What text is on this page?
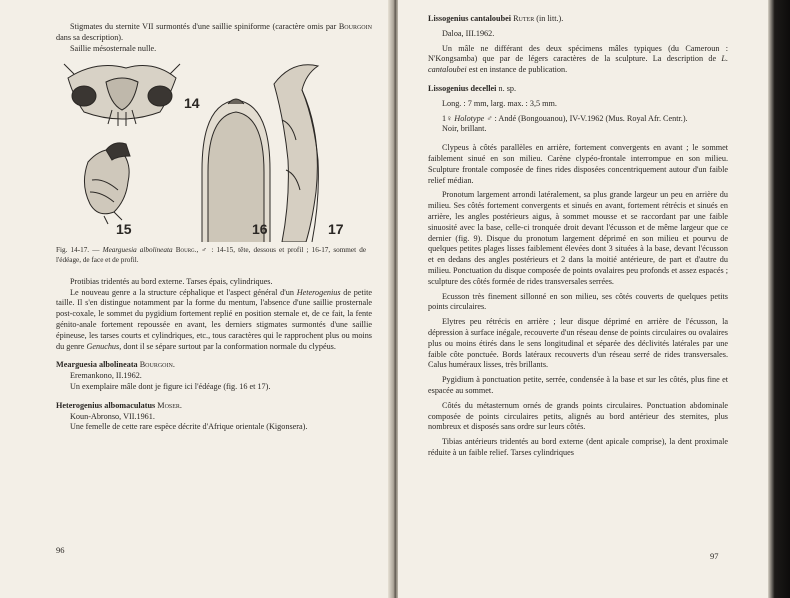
Stigmates du sternite VII surmontés d'une saillie spiniforme (caractère omis par Bourgoin dans sa description).

Saillie mésosternale nulle.

14
15	16	17

Fig. 14-17. — Mearguesia albolineata Bourg., ♂ : 14-15, tête, dessous et profil ; 16-17, sommet de l'édéage, de face et de profil.

Protibias tridentés au bord externe. Tarses épais, cylindriques.

Le nouveau genre a la structure céphalique et l'aspect général d'un Heterogenius de petite taille. Il s'en distingue notamment par la forme du mentum, l'absence d'une saillie prosternale post-coxale, le sommet du pygidium fortement replié en position sternale et, de ce fait, la fente génito-anale fortement repoussée en avant, les derniers stigmates surmontés d'une saillie épineuse, les tarses courts et cylindriques, etc., tous caractères qui le rapprochent plus ou moins du genre Genuchus, dont il se sépare surtout par la conformation normale du clypéus.

Mearguesia albolineata Bourgoin.

Eremankono, II.1962.

Un exemplaire mâle dont je figure ici l'édéage (fig. 16 et 17).

Heterogenius albomaculatus Moser.

Koun-Abronso, VII.1961.

Une femelle de cette rare espèce décrite d'Afrique orientale (Kigonsera).

96

Lissogenius cantaloubei Ruter (in litt.).

Daloa, III.1962.

Un mâle ne différant des deux spécimens mâles typiques (du Cameroun : N'Kongsamba) que par de légers caractères de la sculpture. La description de L. cantaloubei est en instance de publication.

Lissogenius decellei n. sp.

Long. : 7 mm, larg. max. : 3,5 mm.

1♀ Holotype ♂ : Andé (Bongouanou), IV-V.1962 (Mus. Royal Afr. Centr.).

Noir, brillant.

Clypeus à côtés parallèles en arrière, fortement convergents en avant ; le sommet faiblement sinué en son milieu. Carène clypéo-frontale interrompue en son milieu. Sculpture frontale composée de fines rides disposées concentriquement autour d'un faible relief médian.

Pronotum largement arrondi latéralement, sa plus grande largeur un peu en arrière du milieu. Ses côtés fortement convergents et sinués en avant, fortement rétrécis et sinués en arrière, les angles postérieurs aigus, à sommet mousse et se raccordant par une faible sinuosité avec la base, celle-ci tronquée droit devant l'écusson et de même largeur que ce dernier (fig. 9). Disque du pronotum largement déprimé en son milieu et pourvu de quelques petites plages lisses faiblement élevées dont 3 situées à la base, devant l'écusson et en dedans des angles postérieurs et 2 dans la moitié antérieure, de part et d'autre du milieu. Ponctuation du disque composée de points ovalaires peu profonds et assez espacés ; sculpture des côtés formée de rides transversales serrées.

Ecusson très finement sillonné en son milieu, ses côtés couverts de quelques petits points circulaires.

Elytres peu rétrécis en arrière ; leur disque déprimé en arrière de l'écusson, la dépression à surface inégale, recouverte d'un réseau dense de points circulaires ou ovalaires plus ou moins étirés dans le sens longitudinal et séparée des déclivités latérales par une faible côte ponctuée. Bords latéraux recouverts d'un réseau serré de rides transversales. Calus huméraux lisses, très brillants.

Pygidium à ponctuation petite, serrée, condensée à la base et sur les côtés, plus fine et espacée au sommet.

Côtés du métasternum ornés de grands points circulaires. Ponctuation abdominale composée de points circulaires petits, alignés au bord antérieur des sternites, plus nombreux et disposés sans ordre sur leurs côtés.

Tibias antérieurs tridentés au bord externe (dent apicale comprise), la dent proximale réduite à un faible relief. Tarses cylindriques

97
